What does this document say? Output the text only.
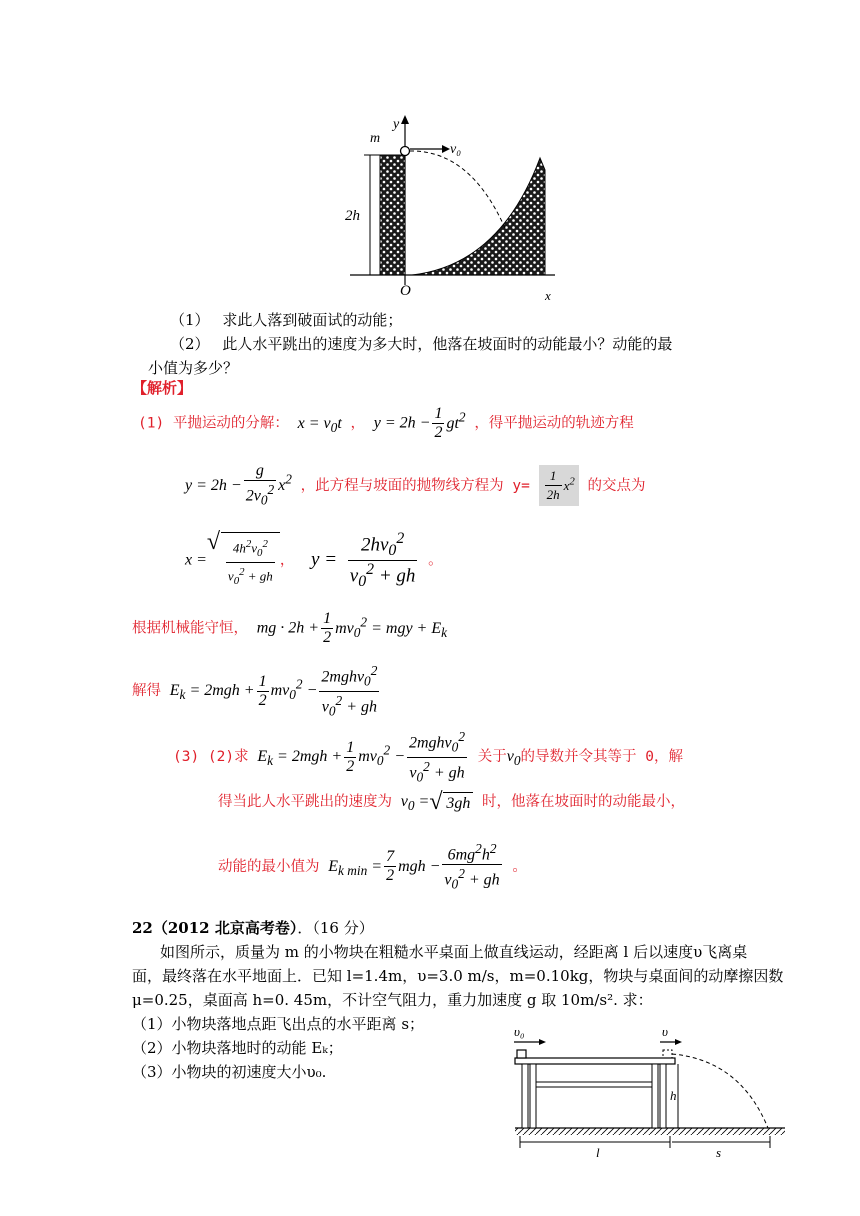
m
y
v₀
2h
O	x
（1） 求此人落到破面试的动能；
（2） 此人水平跳出的速度为多大时，他落在坡面时的动能最小？动能的最
小值为多少？
【解析】
(1) 平抛运动的分解： $x = v_0t$ ， $y = 2h - \frac{1}{2} gt^2$ ，得平抛运动的轨迹方程
$y = 2h - \frac{g}{2v_0^2} x^2$ ，此方程与坡面的抛物线方程为 $y= \frac{1}{2h} x^2$ 的交点为
x = √ $\frac{4h^2v_0^2}{v_0^2 + gh}$ ， $y = \frac{2hv_0^2}{v_0^2 + gh}$ 。
根据机械能守恒， mg · $2h + \frac{1}{2} mv_0^2$ = mgy + $E_k$
解得 $E_k = 2mgh + \frac{1}{2} mv_0^2 - \frac{2mghv_0^2}{v_0^2 + gh}$
(3) (2)求 $E_k = 2mgh + \frac{1}{2} mv_0^2 - \frac{2mghv_0^2}{v_0^2 + gh}$ 关于$v_0$的导数并令其等于 0，解
得当此人水平跳出的速度为 $v_0$ = √ 3gh 时，他落在坡面时的动能最小，
动能的最小值为 $E_{k min} = \frac{7}{2}$ mgh − $\frac{6mg^2h^2}{v_0^2 + gh}$ 。
22（2012 北京高考卷）．（16 分）
如图所示，质量为 m 的小物块在粗糙水平桌面上做直线运动，经距离 l 后以速度υ飞离桌
面，最终落在水平地面上．已知 l=1.4m，υ=3.0 m/s，m=0.10kg，物块与桌面间的动摩擦因数
μ=0.25，桌面高 h=0. 45m，不计空气阻力，重力加速度 g 取 10m/s². 求：
（1）小物块落地点距飞出点的水平距离 s；
（2）小物块落地时的动能 Eₖ；
（3）小物块的初速度大小υ₀.
υ₀	υ
h
l	s
